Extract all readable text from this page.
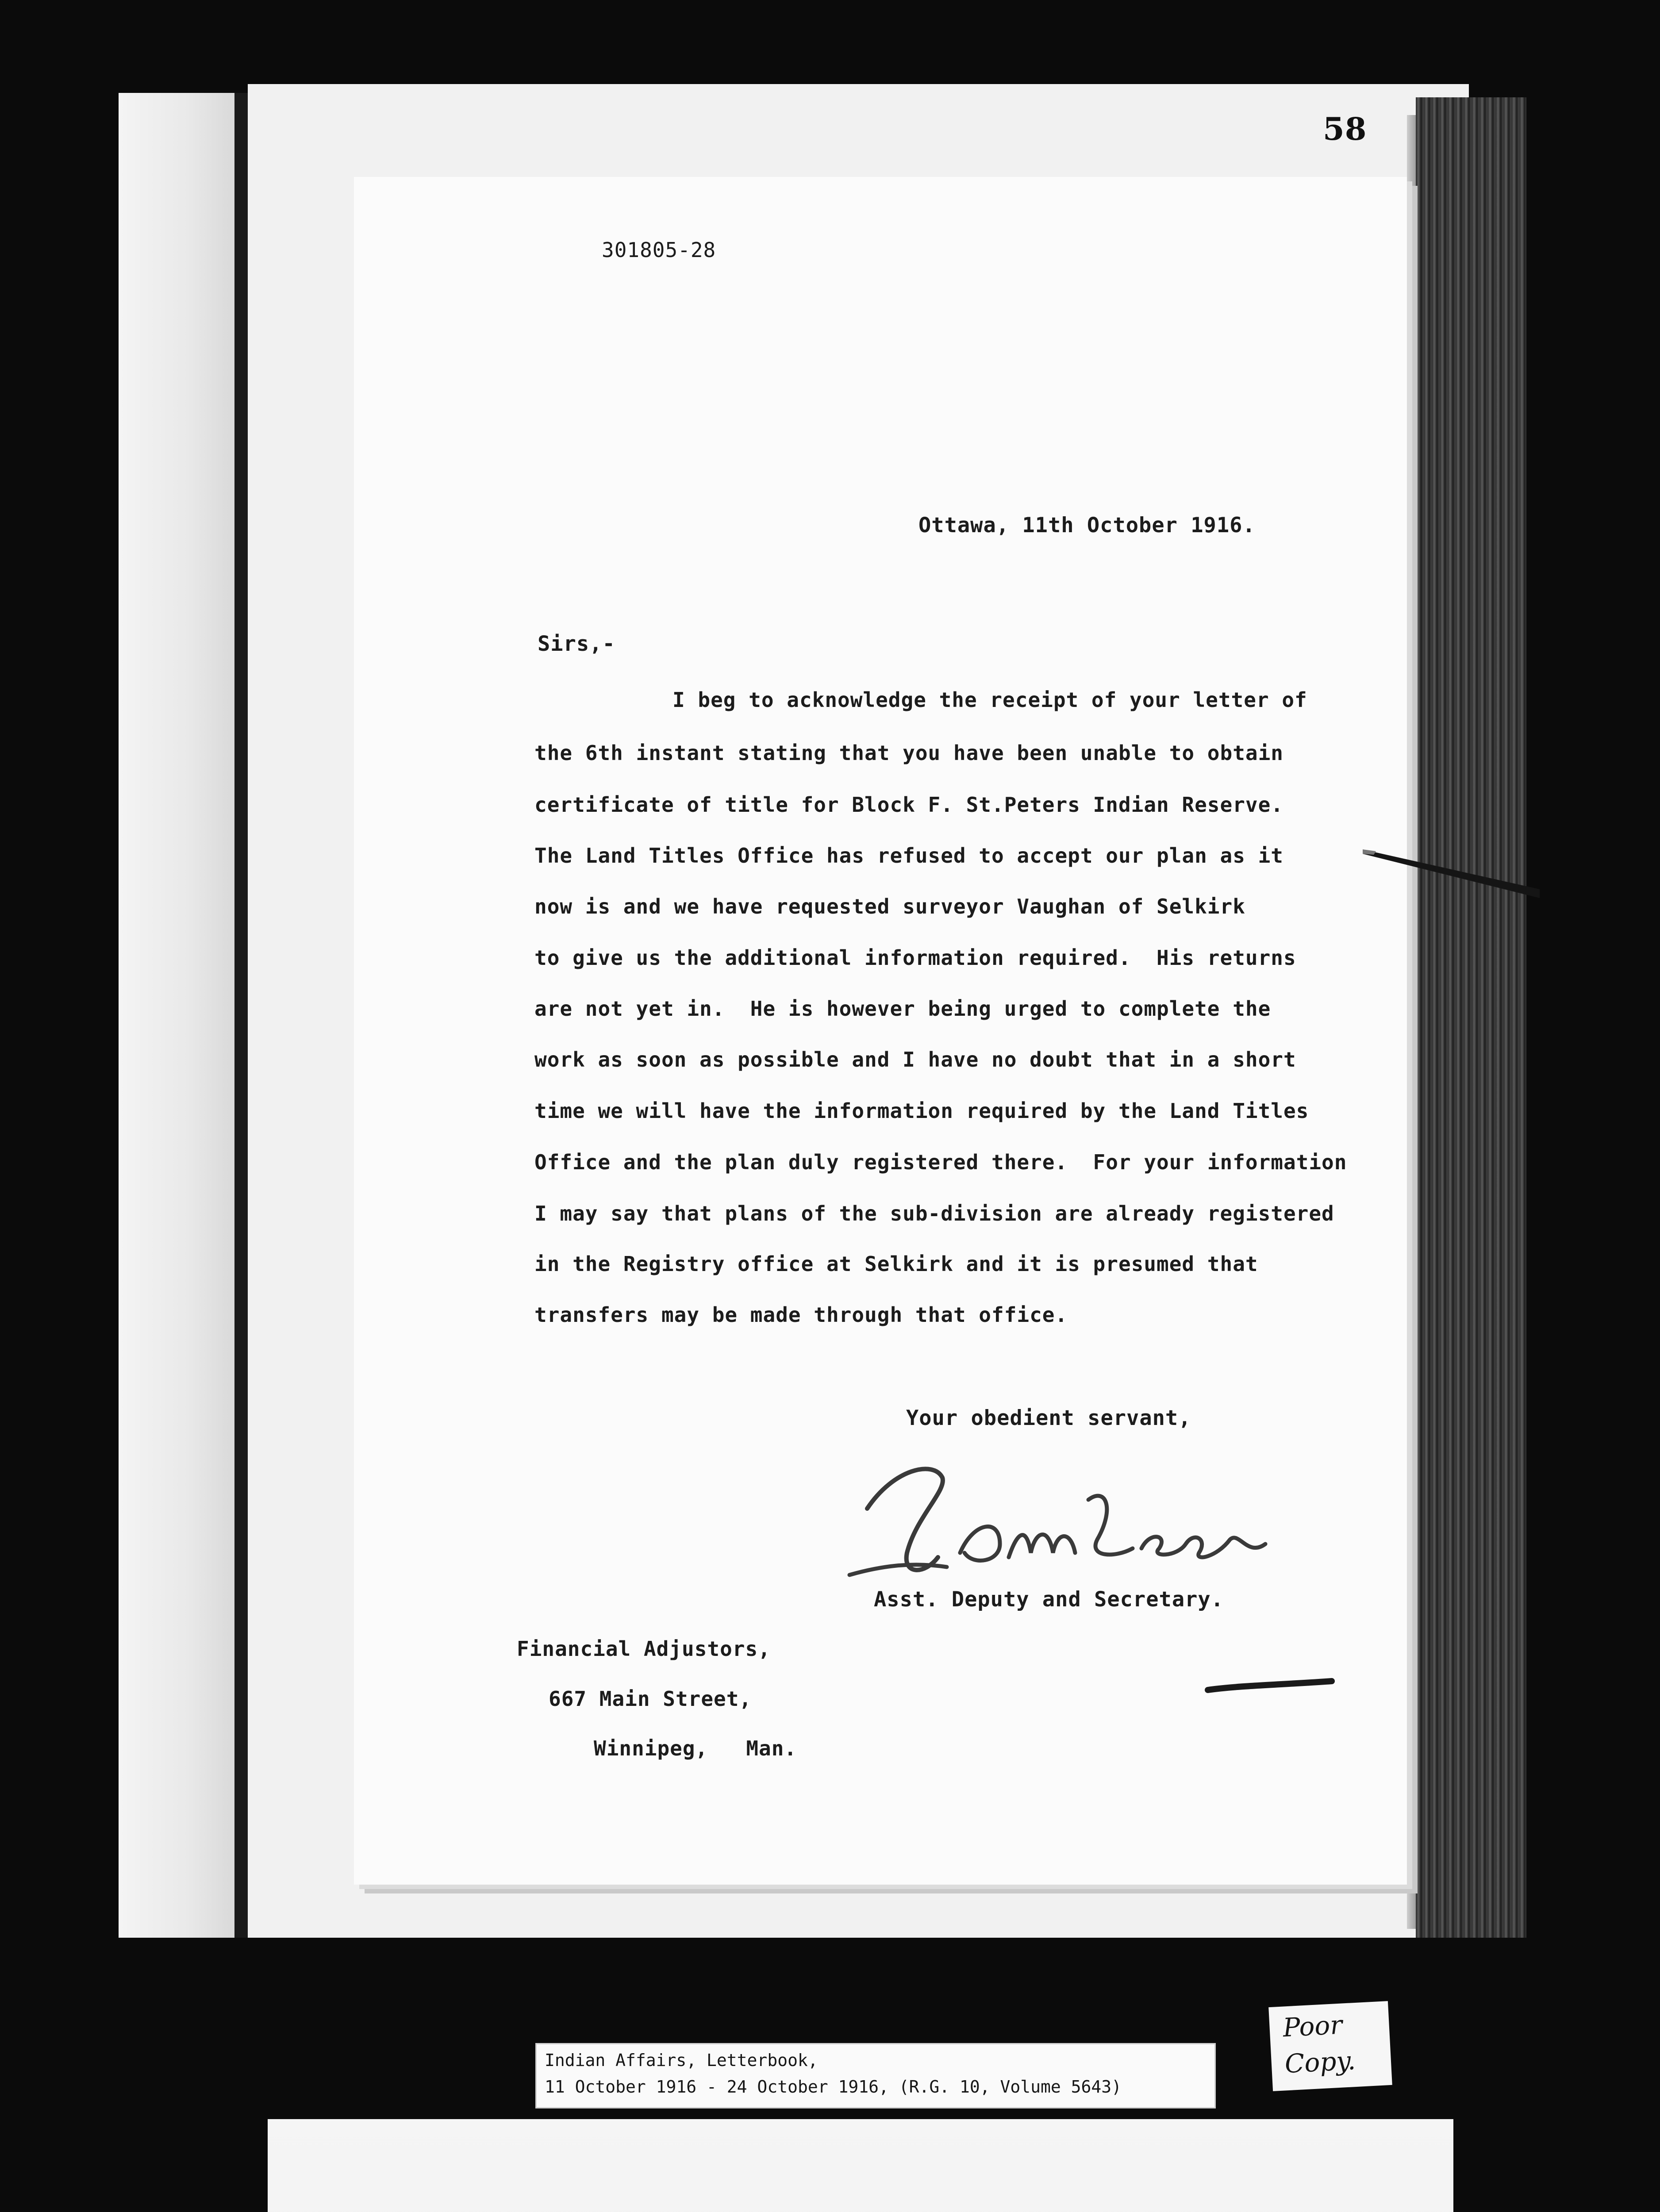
58
301805-28
Ottawa, 11th October 1916.
Sirs,-
I beg to acknowledge the receipt of your letter of
the 6th instant stating that you have been unable to obtain
certificate of title for Block F. St.Peters Indian Reserve.
The Land Titles Office has refused to accept our plan as it
now is and we have requested surveyor Vaughan of Selkirk
to give us the additional information required.  His returns
are not yet in.  He is however being urged to complete the
work as soon as possible and I have no doubt that in a short
time we will have the information required by the Land Titles
Office and the plan duly registered there.  For your information
I may say that plans of the sub-division are already registered
in the Registry office at Selkirk and it is presumed that
transfers may be made through that office.
Your obedient servant,
Asst. Deputy and Secretary.
Financial Adjustors,
667 Main Street,
Winnipeg,   Man.
Indian Affairs, Letterbook,
11 October 1916 - 24 October 1916, (R.G. 10, Volume 5643)
Poor
Copy.
